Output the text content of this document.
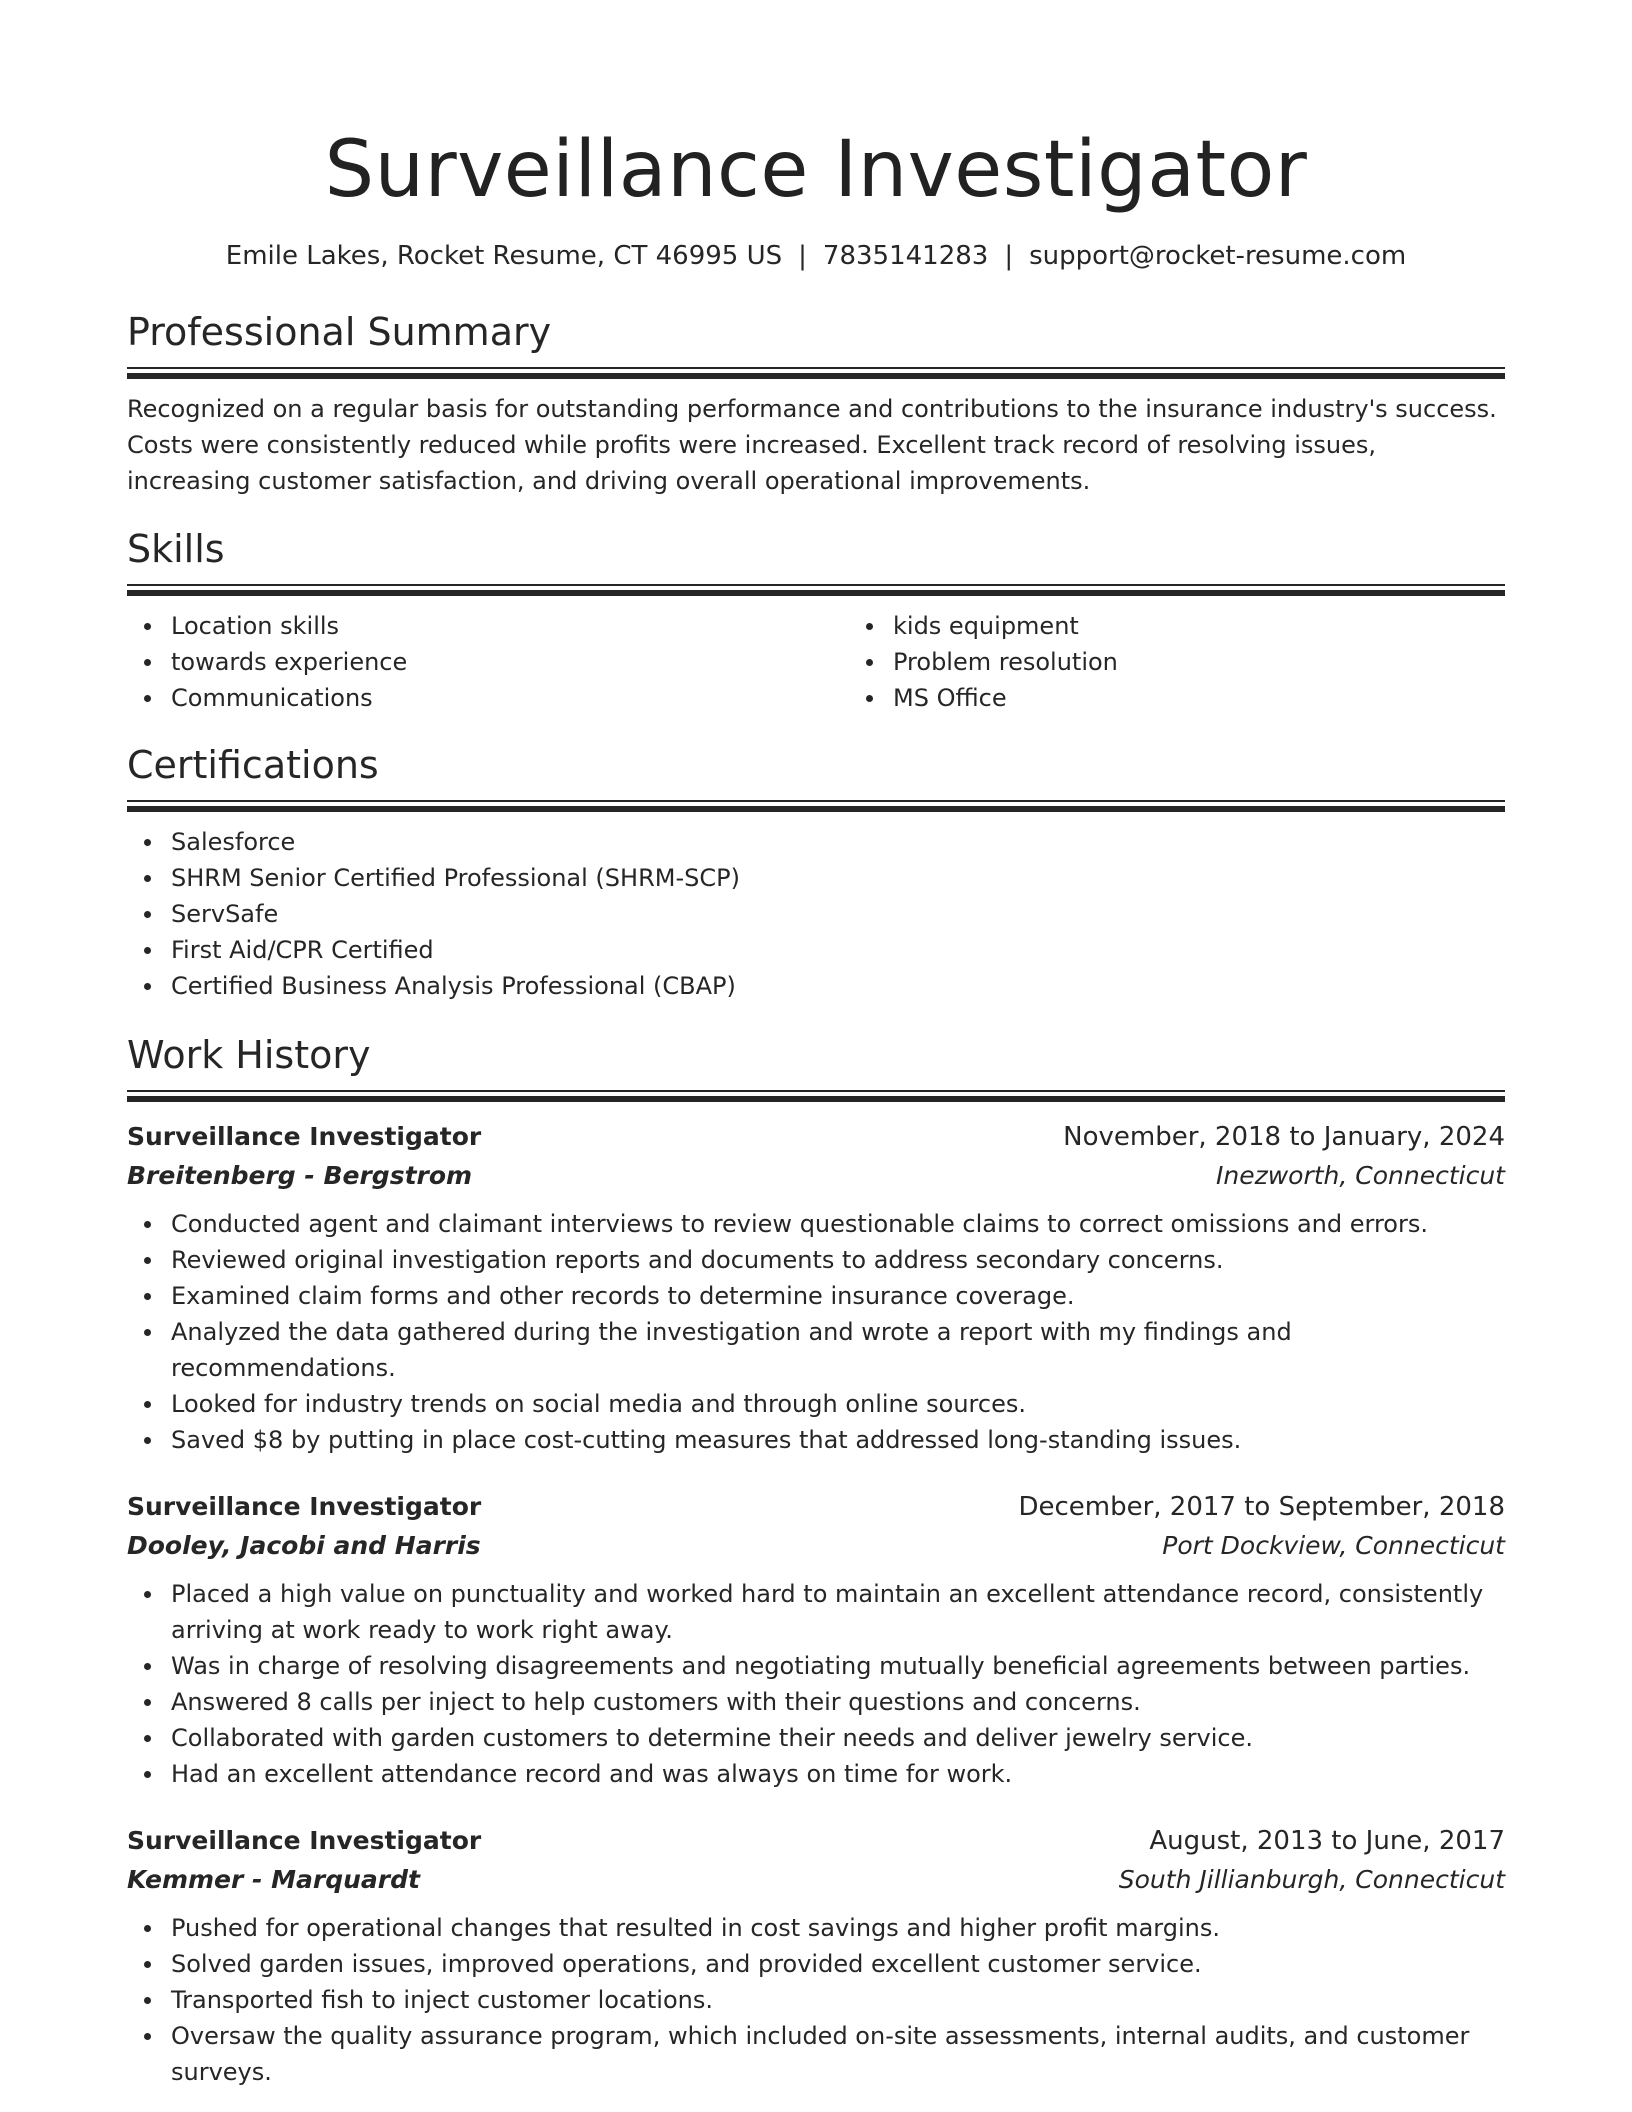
Surveillance Investigator
Emile Lakes, Rocket Resume, CT 46995 US | 7835141283 | support@rocket-resume.com
Professional Summary

Recognized on a regular basis for outstanding performance and contributions to the insurance industry's success. Costs were consistently reduced while profits were increased. Excellent track record of resolving issues, increasing customer satisfaction, and driving overall operational improvements.

Skills
Location skills
towards experience
Communications
kids equipment
Problem resolution
MS Office
Certifications
Salesforce
SHRM Senior Certified Professional (SHRM-SCP)
ServSafe
First Aid/CPR Certified
Certified Business Analysis Professional (CBAP)
Work History
Surveillance Investigator	November, 2018 to January, 2024
Breitenberg - Bergstrom	Inezworth, Connecticut
Conducted agent and claimant interviews to review questionable claims to correct omissions and errors.
Reviewed original investigation reports and documents to address secondary concerns.
Examined claim forms and other records to determine insurance coverage.
Analyzed the data gathered during the investigation and wrote a report with my findings and recommendations.
Looked for industry trends on social media and through online sources.
Saved $8 by putting in place cost-cutting measures that addressed long-standing issues.
Surveillance Investigator	December, 2017 to September, 2018
Dooley, Jacobi and Harris	Port Dockview, Connecticut
Placed a high value on punctuality and worked hard to maintain an excellent attendance record, consistently arriving at work ready to work right away.
Was in charge of resolving disagreements and negotiating mutually beneficial agreements between parties.
Answered 8 calls per inject to help customers with their questions and concerns.
Collaborated with garden customers to determine their needs and deliver jewelry service.
Had an excellent attendance record and was always on time for work.
Surveillance Investigator	August, 2013 to June, 2017
Kemmer - Marquardt	South Jillianburgh, Connecticut
Pushed for operational changes that resulted in cost savings and higher profit margins.
Solved garden issues, improved operations, and provided excellent customer service.
Transported fish to inject customer locations.
Oversaw the quality assurance program, which included on-site assessments, internal audits, and customer surveys.
